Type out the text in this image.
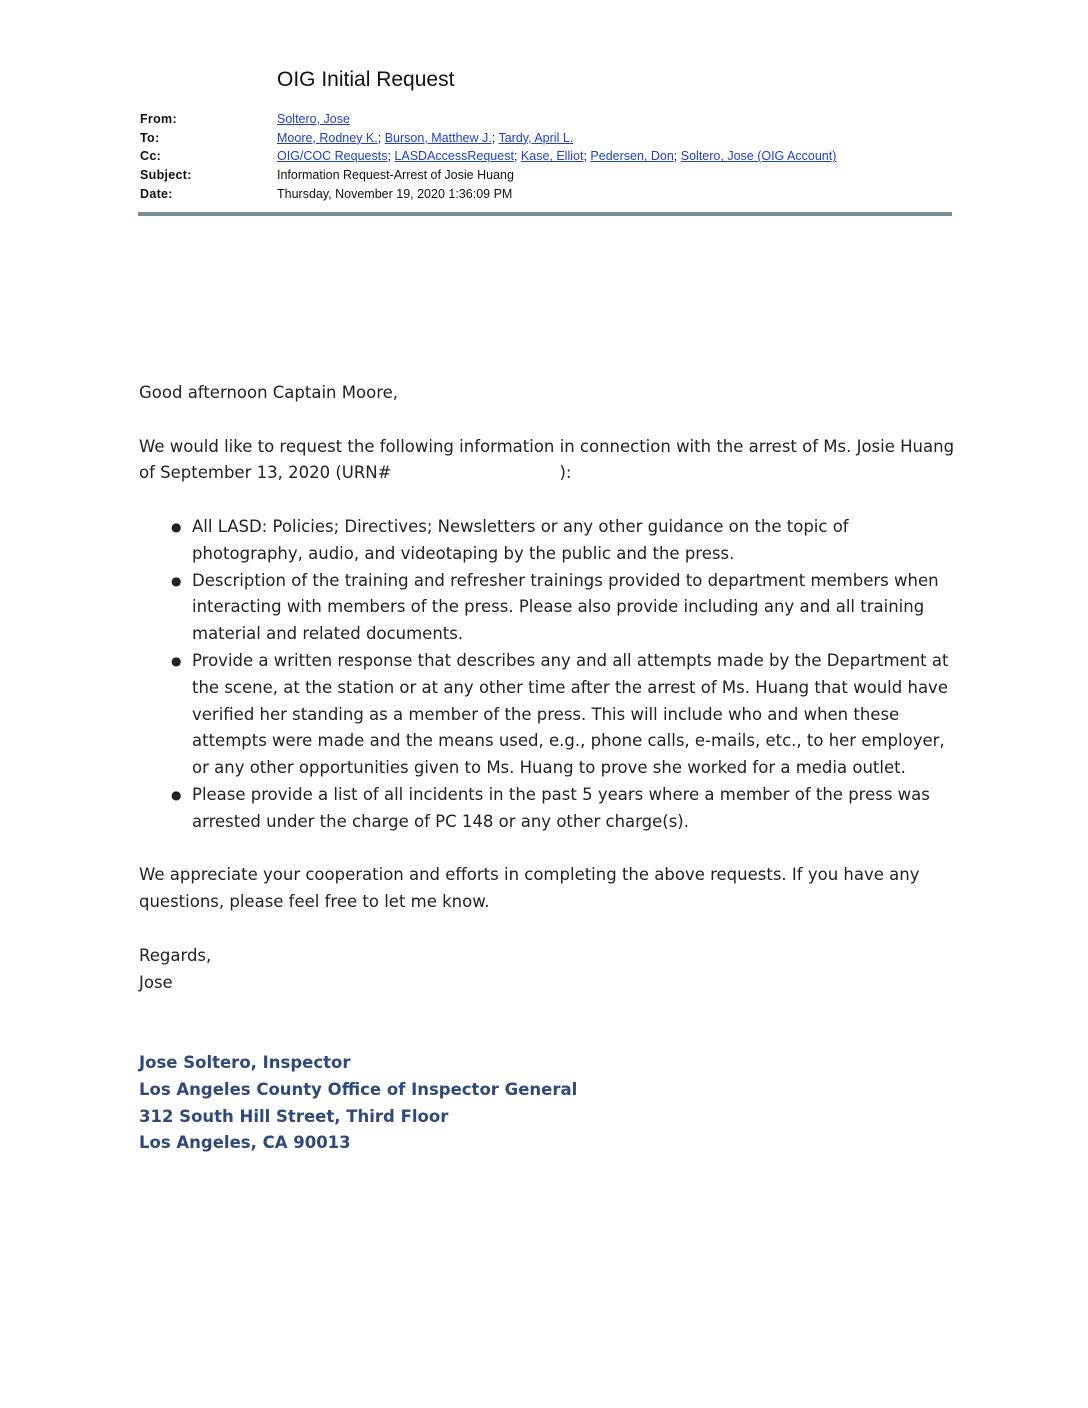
OIG Initial Request
From:	Soltero, Jose
To:	Moore, Rodney K.; Burson, Matthew J.; Tardy, April L.
Cc:	OIG/COC Requests; LASDAccessRequest; Kase, Elliot; Pedersen, Don; Soltero, Jose (OIG Account)
Subject:	Information Request-Arrest of Josie Huang
Date:	Thursday, November 19, 2020 1:36:09 PM

Good afternoon Captain Moore,

We would like to request the following information in connection with the arrest of Ms. Josie Huang of September 13, 2020 (URN#	):

● All LASD: Policies; Directives; Newsletters or any other guidance on the topic of photography, audio, and videotaping by the public and the press.
● Description of the training and refresher trainings provided to department members when interacting with members of the press. Please also provide including any and all training material and related documents.
● Provide a written response that describes any and all attempts made by the Department at the scene, at the station or at any other time after the arrest of Ms. Huang that would have verified her standing as a member of the press. This will include who and when these attempts were made and the means used, e.g., phone calls, e-mails, etc., to her employer, or any other opportunities given to Ms. Huang to prove she worked for a media outlet.
● Please provide a list of all incidents in the past 5 years where a member of the press was arrested under the charge of PC 148 or any other charge(s).

We appreciate your cooperation and efforts in completing the above requests. If you have any questions, please feel free to let me know.

Regards,

Jose

Jose Soltero, Inspector

Los Angeles County Office of Inspector General

312 South Hill Street, Third Floor

Los Angeles, CA 90013
